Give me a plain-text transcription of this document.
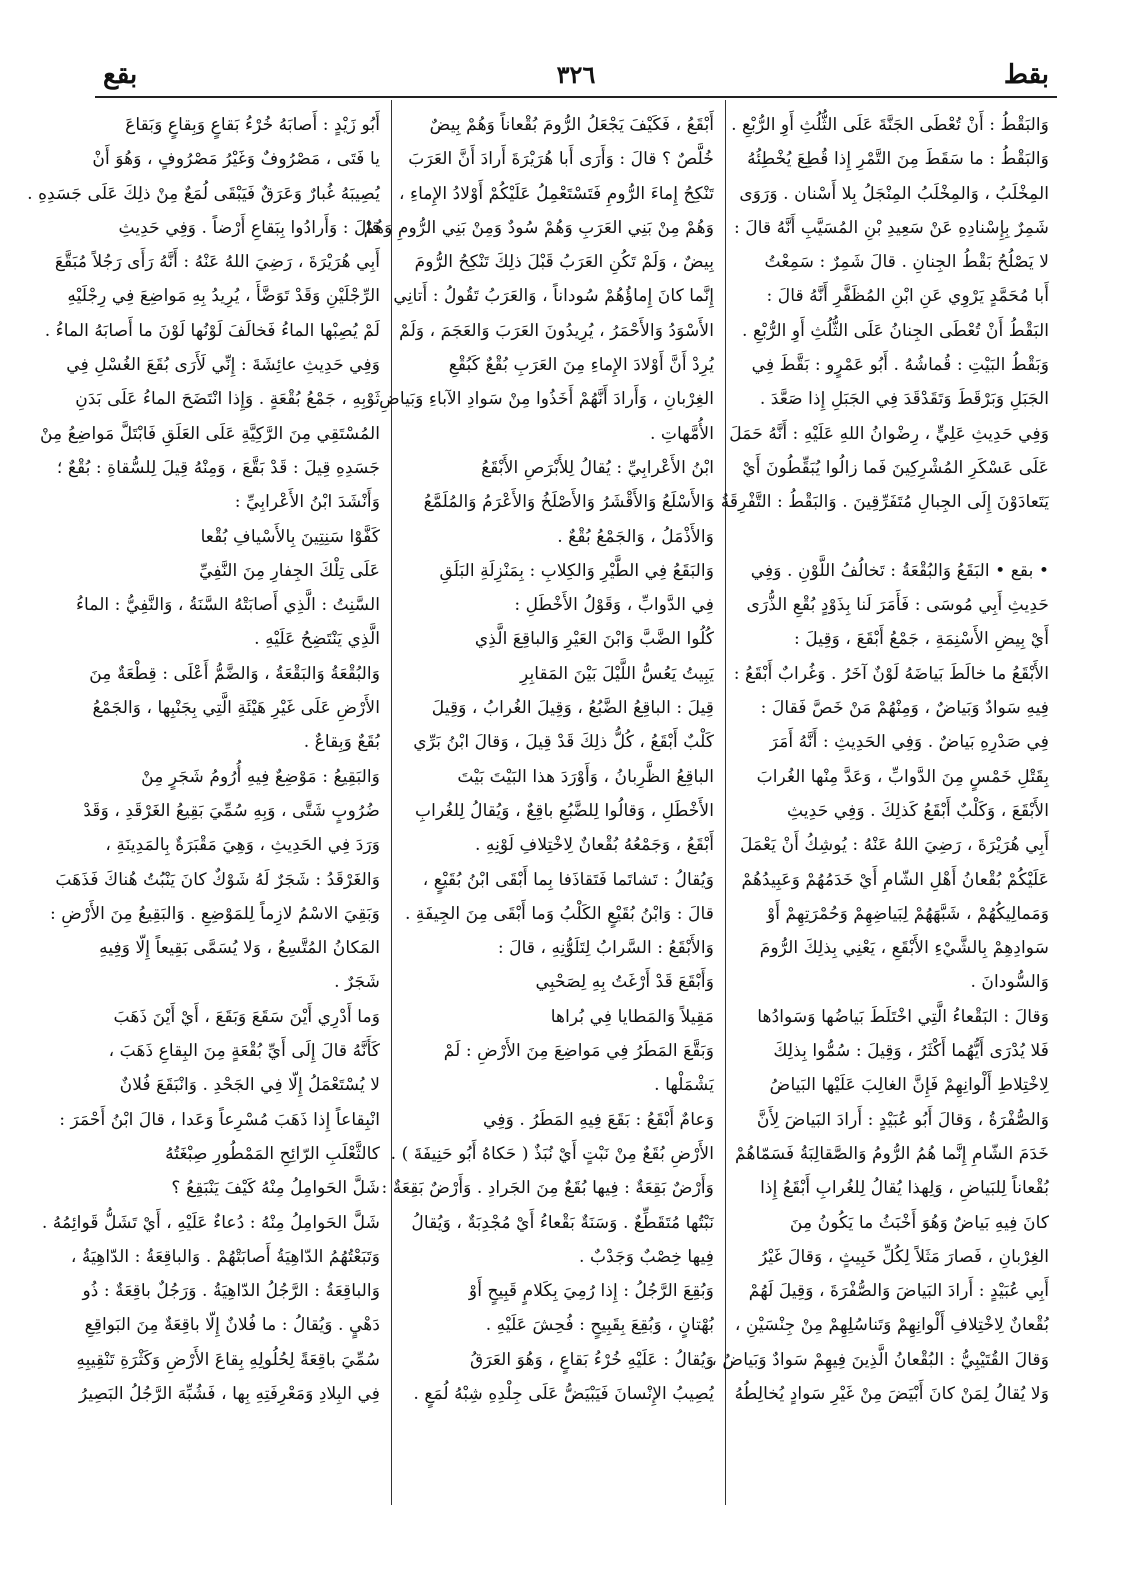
بقط
٣٢٦
بقع
وَالبَقْطُ : أَنْ تُعْطَى الجَنَّةَ عَلَى الثُّلُثِ أَوِ الرُّبْعِ .
وَالبَقْطُ : ما سَقَطَ مِنَ التَّمْرِ إِذا قُطِعَ يُخْطِئُهُ
المِخْلَبُ ، وَالمِخْلَبُ المِنْجَلُ بِلا أَسْنان . وَرَوَى
شَمِرٌ بِإِسْنادِهِ عَنْ سَعِيدِ بْنِ المُسَيَّبِ أَنَّهُ قالَ :
لا يَصْلُحُ بَقْطُ الجِنانِ . قالَ شَمِرٌ : سَمِعْتُ
أَبا مُحَمَّدٍ يَرْوِي عَنِ ابْنِ المُظَفَّرِ أَنَّهُ قالَ :
البَقْطُ أَنْ تُعْطَى الجِنانُ عَلَى الثُّلُثِ أَوِ الرُّبْعِ .
وَبَقْطُ البَيْتِ : قُماشُهُ . أَبُو عَمْرٍو : بَقَّطَ فِي
الجَبَلِ وَبَرْقَطَ وَتَقَدْقَدَ فِي الجَبَلِ إِذا صَعَّدَ .
وَفِي حَدِيثِ عَلِيٍّ ، رِضْوانُ اللهِ عَلَيْهِ : أَنَّهُ حَمَلَ
عَلَى عَسْكَرِ المُشْرِكِينَ فَما زالُوا يُبَقِّطُونَ أَيْ
يَتَعادَوْنَ إِلَى الجِبالِ مُتَفَرِّقِينَ . وَالبَقْطُ : التَّفْرِقَةُ .

• بقع • البَقَعُ وَالبُقْعَةُ : تَخالُفُ اللَّوْنِ . وَفِي
حَدِيثِ أَبِي مُوسَى : فَأَمَرَ لَنا بِذَوْدٍ بُقْعِ الذُّرَى
أَيْ بِيضِ الأَسْنِمَةِ ، جَمْعُ أَبْقَعَ ، وَقِيلَ :
الأَبْقَعُ ما خالَطَ بَياضَهُ لَوْنٌ آخَرُ . وَغُرابٌ أَبْقَعُ :
فِيهِ سَوادٌ وَبَياضٌ ، وَمِنْهُمْ مَنْ خَصَّ فَقالَ :
فِي صَدْرِهِ بَياضٌ . وَفِي الحَدِيثِ : أَنَّهُ أَمَرَ
بِقَتْلِ خَمْسٍ مِنَ الدَّوابِّ ، وَعَدَّ مِنْها الغُرابَ
الأَبْقَعَ ، وَكَلْبٌ أَبْقَعُ كَذلِكَ . وَفِي حَدِيثِ
أَبِي هُرَيْرَةَ ، رَضِيَ اللهُ عَنْهُ : يُوشِكُ أَنْ يَعْمَلَ
عَلَيْكُمْ بُقْعانُ أَهْلِ الشّامِ أَيْ خَدَمُهُمْ وَعَبِيدُهُمْ
وَمَمالِيكُهُمْ ، شَبَّهَهُمْ لِبَياضِهِمْ وَحُمْرَتِهِمْ أَوْ
سَوادِهِمْ بِالشَّيْءِ الأَبْقَعِ ، يَعْنِي بِذلِكَ الرُّومَ
وَالسُّودانَ .
وَقالَ : البَقْعاءُ الَّتِي اخْتَلَطَ بَياضُها وَسَوادُها
فَلا يُدْرَى أَيُّهُما أَكْثَرُ ، وَقِيلَ : سُمُّوا بِذلِكَ
لِاخْتِلاطِ أَلْوانِهِمْ فَإِنَّ الغالِبَ عَلَيْها البَياضُ
وَالصُّفْرَةُ ، وَقالَ أَبُو عُبَيْدٍ : أَرادَ البَياضَ لِأَنَّ
خَدَمَ الشّامِ إِنَّما هُمُ الرُّومُ وَالصَّقالِبَةُ فَسَمّاهُمْ
بُقْعاناً لِلبَياضِ ، وَلِهذا يُقالُ لِلغُرابِ أَبْقَعُ إِذا
كانَ فِيهِ بَياضٌ وَهُوَ أَخْبَثُ ما يَكُونُ مِنَ
الغِرْبانِ ، فَصارَ مَثَلاً لِكُلِّ خَبِيثٍ ، وَقالَ غَيْرُ
أَبِي عُبَيْدٍ : أَرادَ البَياضَ وَالصُّفْرَةَ ، وَقِيلَ لَهُمْ
بُقْعانٌ لِاخْتِلافِ أَلْوانِهِمْ وَتَناسُلِهِمْ مِنْ جِنْسَيْنِ ،
وَقالَ القُتَيْبِيُّ : البُقْعانُ الَّذِينَ فِيهِمْ سَوادٌ وَبَياضٌ ،
وَلا يُقالُ لِمَنْ كانَ أَبْيَضَ مِنْ غَيْرِ سَوادٍ يُخالِطُهُ
أَبْقَعُ ، فَكَيْفَ يَجْعَلُ الرُّومَ بُقْعاناً وَهُمْ بِيضٌ
خُلَّصٌ ؟ قالَ : وَأَرَى أَبا هُرَيْرَةَ أَرادَ أَنَّ العَرَبَ
تَنْكِحُ إِماءَ الرُّومِ فَتَسْتَعْمِلُ عَلَيْكُمْ أَوْلادُ الإِماءِ ،
وَهُمْ مِنْ بَنِي العَرَبِ وَهُمْ سُودٌ وَمِنْ بَنِي الرُّومِ وَهُمْ
بِيضٌ ، وَلَمْ تَكُنِ العَرَبُ قَبْلَ ذلِكَ تَنْكِحُ الرُّومَ
إِنَّما كانَ إِماؤُهُمْ سُوداناً ، وَالعَرَبُ تَقُولُ : أَتانِي
الأَسْوَدُ وَالأَحْمَرُ ، يُرِيدُونَ العَرَبَ وَالعَجَمَ ، وَلَمْ
يُرِدْ أَنَّ أَوْلادَ الإِماءِ مِنَ العَرَبِ بُقْعٌ كَبُقْعِ
الغِرْبانِ ، وَأَرادَ أَنَّهُمْ أَخَذُوا مِنْ سَوادِ الآباءِ وَبَياضِ
الأُمَّهاتِ .
ابْنُ الأَعْرابِيِّ : يُقالُ لِلأَبْرَصِ الأَبْقَعُ
وَالأَسْلَعُ وَالأَقْشَرُ وَالأَصْلَخُ وَالأَعْرَمُ وَالمُلَمَّعُ
وَالأَذْمَلُ ، وَالجَمْعُ بُقْعٌ .
وَالبَقَعُ فِي الطَّيْرِ وَالكِلابِ : بِمَنْزِلَةِ البَلَقِ
فِي الدَّوابِّ ، وَقَوْلُ الأَخْطَلِ :
كُلُوا الضَّبَّ وَابْنَ العَيْرِ وَالباقِعَ الَّذِي
يَبِيتُ يَعُسُّ اللَّيْلَ بَيْنَ المَقابِرِ
قِيلَ : الباقِعُ الضَّبُعُ ، وَقِيلَ الغُرابُ ، وَقِيلَ
كَلْبٌ أَبْقَعُ ، كُلُّ ذلِكَ قَدْ قِيلَ ، وَقالَ ابْنُ بَرِّي
الباقِعُ الظَّرِبانُ ، وَأَوْرَدَ هذا البَيْتَ بَيْتَ
الأَخْطَلِ ، وَقالُوا لِلضَّبُعِ باقِعٌ ، وَيُقالُ لِلغُرابِ
أَبْقَعُ ، وَجَمْعُهُ بُقْعانٌ لِاخْتِلافِ لَوْنِهِ .
وَيُقالُ : تَشاتَما فَتَقاذَفا بِما أَبْقَى ابْنُ بُقَيْعٍ ،
قالَ : وَابْنُ بُقَيْعٍ الكَلْبُ وَما أَبْقَى مِنَ الجِيفَةِ .
وَالأَبْقَعُ : السَّرابُ لِتَلَوُّنِهِ ، قالَ :
وَأَبْقَعَ قَدْ أَرْغَتُ بِهِ لِصَحْبِي
مَقِيلاً وَالمَطايا فِي بُراها
وَبَقَّعَ المَطَرُ فِي مَواضِعَ مِنَ الأَرْضِ : لَمْ
يَشْمَلْها .
وَعامٌ أَبْقَعُ : بَقَعَ فِيهِ المَطَرُ . وَفِي
الأَرْضِ بُقَعٌ مِنْ نَبْتٍ أَيْ نُبَذٌ ( حَكاهُ أَبُو حَنِيفَةَ ) .
وَأَرْضٌ بَقِعَةٌ : فِيها بُقَعٌ مِنَ الجَرادِ . وَأَرْضٌ بَقِعَةٌ :
نَبْتُها مُتَقَطِّعٌ . وَسَنَةٌ بَقْعاءُ أَيْ مُجْدِبَةٌ ، وَيُقالُ
فِيها خِصْبٌ وَجَدْبٌ .
وَبُقِعَ الرَّجُلُ : إِذا رُمِيَ بِكَلامٍ قَبِيحٍ أَوْ
بُهْتانٍ ، وَبُقِعَ بِقَبِيحٍ : فُحِشَ عَلَيْهِ .
وَيُقالُ : عَلَيْهِ خُرْءُ بَقاعٍ ، وَهُوَ العَرَقُ
يُصِيبُ الإِنْسانَ فَيَبْيَضُّ عَلَى جِلْدِهِ شِبْهُ لُمَعٍ .
أَبُو زَيْدٍ : أَصابَهُ خُرْءُ بَقاعٍ وَبِقاعٍ وَبَقاعَ
يا فَتَى ، مَصْرُوفٌ وَغَيْرُ مَصْرُوفٍ ، وَهُوَ أَنْ
يُصِيبَهُ غُبارٌ وَعَرَقٌ فَيَبْقَى لُمَعٌ مِنْ ذلِكَ عَلَى جَسَدِهِ .
قالَ : وَأَرادُوا بِبَقاعِ أَرْضاً . وَفِي حَدِيثِ
أَبِي هُرَيْرَةَ ، رَضِيَ اللهُ عَنْهُ : أَنَّهُ رَأَى رَجُلاً مُبَقَّعَ
الرِّجْلَيْنِ وَقَدْ تَوَضَّأَ ، يُرِيدُ بِهِ مَواضِعَ فِي رِجْلَيْهِ
لَمْ يُصِبْها الماءُ فَخالَفَ لَوْنُها لَوْنَ ما أَصابَهُ الماءُ .
وَفِي حَدِيثِ عائِشَةَ : إِنِّي لَأَرَى بُقَعَ الغُسْلِ فِي
ثَوْبِهِ ، جَمْعُ بُقْعَةٍ . وَإِذا انْتَضَحَ الماءُ عَلَى بَدَنِ
المُسْتَقِي مِنَ الرَّكِيَّةِ عَلَى العَلَقِ فَابْتَلَّ مَواضِعُ مِنْ
جَسَدِهِ قِيلَ : قَدْ بَقَّعَ ، وَمِنْهُ قِيلَ لِلسُّقاةِ : بُقْعٌ ؛
وَأَنْشَدَ ابْنُ الأَعْرابِيِّ :
كَفَّوْا سَنِتِينَ بِالأَسْيافِ بُقْعا
عَلَى تِلْكَ الجِفارِ مِنَ النَّفِيِّ
السَّنِتُ : الَّذِي أَصابَتْهُ السَّنَةُ ، وَالنَّفِيُّ : الماءُ
الَّذِي يَنْتَضِحُ عَلَيْهِ .
وَالبُقْعَةُ وَالبَقْعَةُ ، وَالضَّمُّ أَعْلَى : قِطْعَةٌ مِنَ
الأَرْضِ عَلَى غَيْرِ هَيْئَةِ الَّتِي بِجَنْبِها ، وَالجَمْعُ
بُقَعٌ وَبِقاعٌ .
وَالبَقِيعُ : مَوْضِعٌ فِيهِ أُرُومُ شَجَرٍ مِنْ
ضُرُوبٍ شَتَّى ، وَبِهِ سُمِّيَ بَقِيعُ الغَرْقَدِ ، وَقَدْ
وَرَدَ فِي الحَدِيثِ ، وَهِيَ مَقْبَرَةٌ بِالمَدِينَةِ ،
وَالغَرْقَدُ : شَجَرٌ لَهُ شَوْكٌ كانَ يَنْبُتُ هُناكَ فَذَهَبَ
وَبَقِيَ الاسْمُ لازِماً لِلمَوْضِعِ . وَالبَقِيعُ مِنَ الأَرْضِ :
المَكانُ المُتَّسِعُ ، وَلا يُسَمَّى بَقِيعاً إِلّا وَفِيهِ
شَجَرٌ .
وَما أَدْرِي أَيْنَ سَقَعَ وَبَقَعَ ، أَيْ أَيْنَ ذَهَبَ
كَأَنَّهُ قالَ إِلَى أَيِّ بُقْعَةٍ مِنَ البِقاعِ ذَهَبَ ،
لا يُسْتَعْمَلُ إِلّا فِي الجَحْدِ . وَانْبَقَعَ فُلانٌ
انْبِقاعاً إِذا ذَهَبَ مُسْرِعاً وَعَدا ، قالَ ابْنُ أَحْمَرَ :
كالثَّعْلَبِ الرّائِحِ المَمْطُورِ صِبْغَتُهُ
شَلَّ الحَوامِلُ مِنْهُ كَيْفَ يَنْبَقِعُ ؟
شَلَّ الحَوامِلُ مِنْهُ : دُعاءٌ عَلَيْهِ ، أَيْ تَشَلُّ قَوائِمُهُ .
وَتَبَعْتُهُمُ الدّاهِيَةُ أَصابَتْهُمْ . وَالباقِعَةُ : الدّاهِيَةُ ،
وَالباقِعَةُ : الرَّجُلُ الدّاهِيَةُ . وَرَجُلٌ باقِعَةٌ : ذُو
دَهْيٍ . وَيُقالُ : ما فُلانٌ إِلّا باقِعَةٌ مِنَ البَواقِعِ
سُمِّيَ باقِعَةً لِحُلُولِهِ بِقاعَ الأَرْضِ وَكَثْرَةِ تَنْقِيبِهِ
فِي البِلادِ وَمَعْرِفَتِهِ بِها ، فَشُبِّهَ الرَّجُلُ البَصِيرُ
